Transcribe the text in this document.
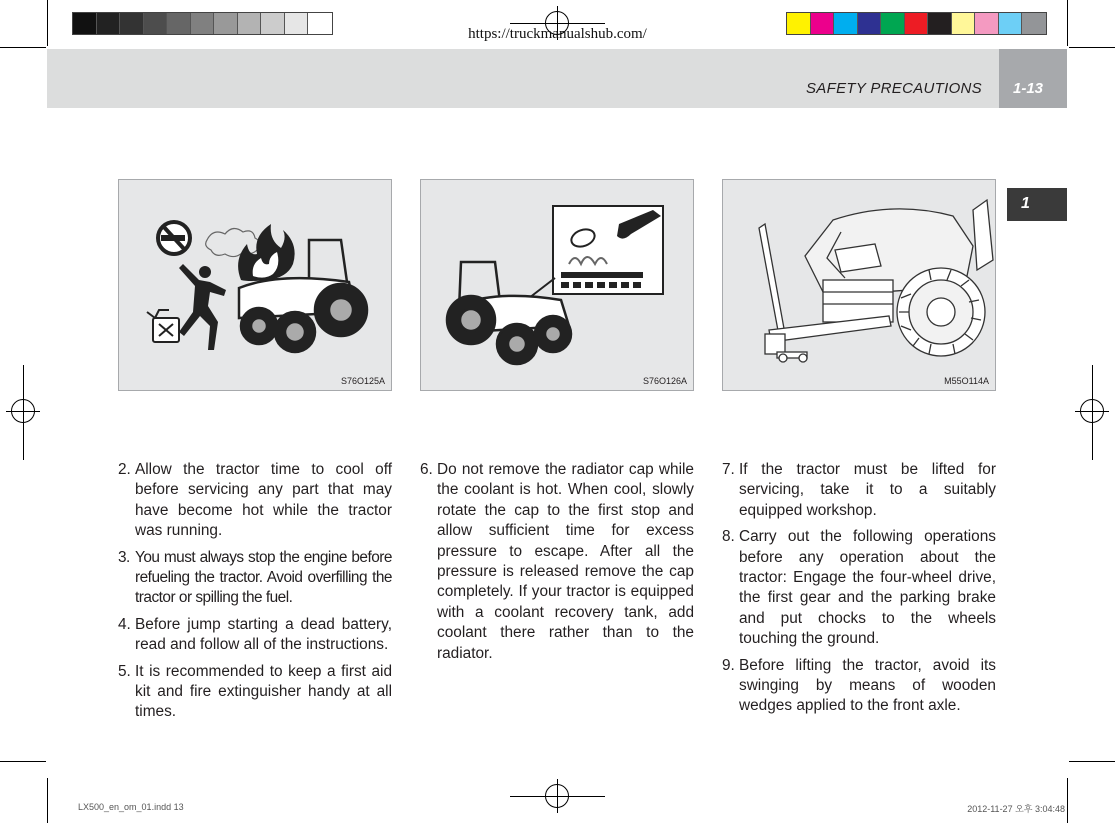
https://truckmanualshub.com/
SAFETY PRECAUTIONS 1-13
1
S76O125A	S76O126A	M55O114A
2. Allow the tractor time to cool off before servicing any part that may have become hot while the tractor was running.
3. You must always stop the engine before refueling the tractor. Avoid overfilling the tractor or spilling the fuel.
4. Before jump starting a dead battery, read and follow all of the instructions.
5. It is recommended to keep a first aid kit and fire extinguisher handy at all times.
6. Do not remove the radiator cap while the coolant is hot. When cool, slowly rotate the cap to the first stop and allow sufficient time for excess pressure to escape. After all the pressure is released remove the cap completely. If your tractor is equipped with a coolant recovery tank, add coolant there rather than to the radiator.
7. If the tractor must be lifted for servicing, take it to a suitably equipped workshop.
8. Carry out the following operations before any operation about the tractor: Engage the four-wheel drive, the first gear and the parking brake and put chocks to the wheels touching the ground.
9. Before lifting the tractor, avoid its swinging by means of wooden wedges applied to the front axle.
LX500_en_om_01.indd 13	2012-11-27 오후 3:04:48
